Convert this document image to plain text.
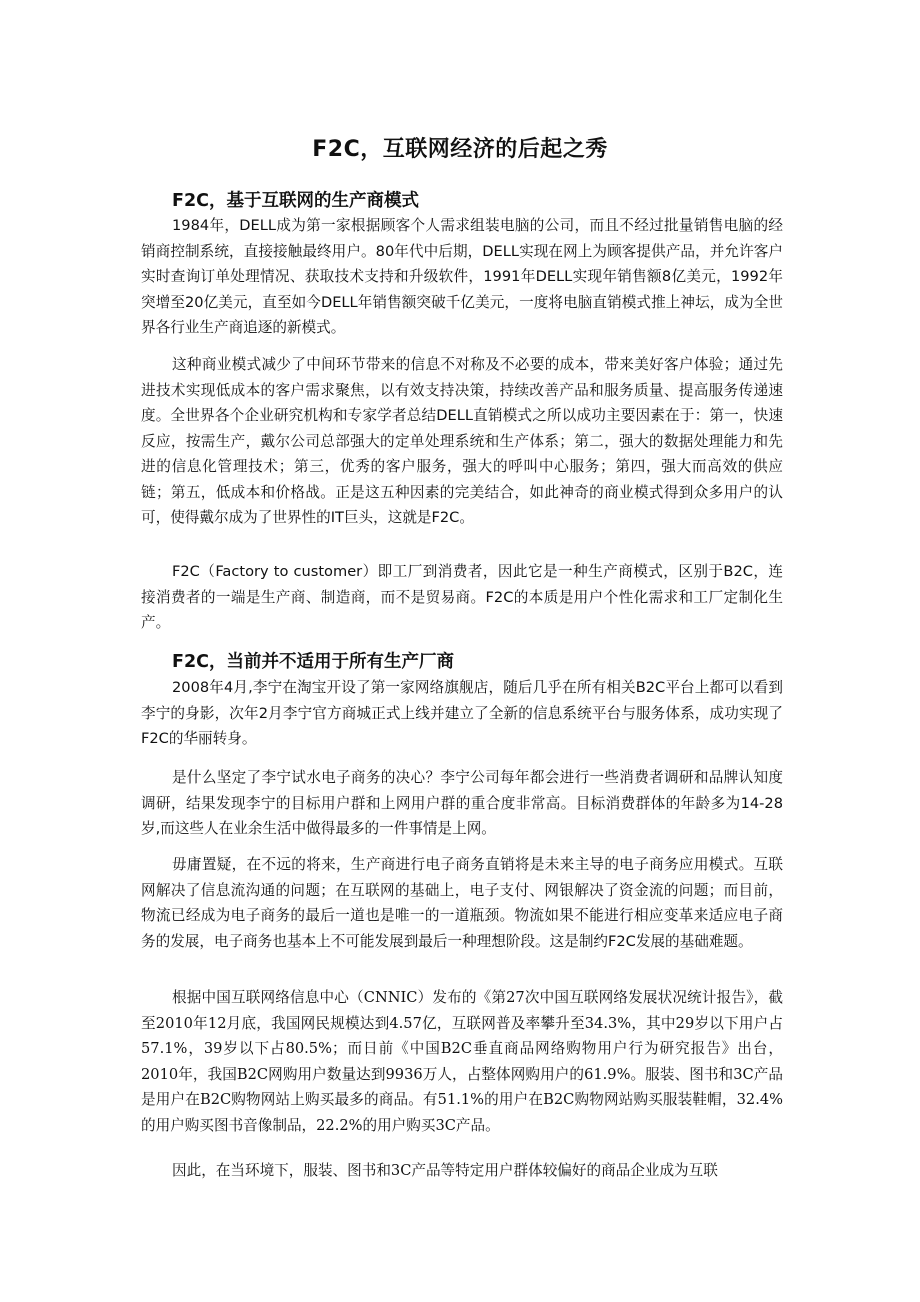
F2C，互联网经济的后起之秀
F2C，基于互联网的生产商模式

1984年，DELL成为第一家根据顾客个人需求组装电脑的公司，而且不经过批量销售电脑的经销商控制系统，直接接触最终用户。80年代中后期，DELL实现在网上为顾客提供产品，并允许客户实时查询订单处理情况、获取技术支持和升级软件，1991年DELL实现年销售额8亿美元，1992年突增至20亿美元，直至如今DELL年销售额突破千亿美元，一度将电脑直销模式推上神坛，成为全世界各行业生产商追逐的新模式。

这种商业模式减少了中间环节带来的信息不对称及不必要的成本，带来美好客户体验；通过先进技术实现低成本的客户需求聚焦，以有效支持决策，持续改善产品和服务质量、提高服务传递速度。全世界各个企业研究机构和专家学者总结DELL直销模式之所以成功主要因素在于：第一，快速反应，按需生产，戴尔公司总部强大的定单处理系统和生产体系；第二，强大的数据处理能力和先进的信息化管理技术；第三，优秀的客户服务，强大的呼叫中心服务；第四，强大而高效的供应链；第五，低成本和价格战。正是这五种因素的完美结合，如此神奇的商业模式得到众多用户的认可，使得戴尔成为了世界性的IT巨头，这就是F2C。

F2C（Factory to customer）即工厂到消费者，因此它是一种生产商模式，区别于B2C，连接消费者的一端是生产商、制造商，而不是贸易商。F2C的本质是用户个性化需求和工厂定制化生产。

F2C，当前并不适用于所有生产厂商

2008年4月,李宁在淘宝开设了第一家网络旗舰店，随后几乎在所有相关B2C平台上都可以看到李宁的身影，次年2月李宁官方商城正式上线并建立了全新的信息系统平台与服务体系，成功实现了F2C的华丽转身。

是什么坚定了李宁试水电子商务的决心？李宁公司每年都会进行一些消费者调研和品牌认知度调研，结果发现李宁的目标用户群和上网用户群的重合度非常高。目标消费群体的年龄多为14-28岁,而这些人在业余生活中做得最多的一件事情是上网。

毋庸置疑，在不远的将来，生产商进行电子商务直销将是未来主导的电子商务应用模式。互联网解决了信息流沟通的问题；在互联网的基础上，电子支付、网银解决了资金流的问题；而目前，物流已经成为电子商务的最后一道也是唯一的一道瓶颈。物流如果不能进行相应变革来适应电子商务的发展，电子商务也基本上不可能发展到最后一种理想阶段。这是制约F2C发展的基础难题。

根据中国互联网络信息中心（CNNIC）发布的《第27次中国互联网络发展状况统计报告》，截至2010年12月底，我国网民规模达到4.57亿，互联网普及率攀升至34.3%，其中29岁以下用户占57.1%，39岁以下占80.5%；而日前《中国B2C垂直商品网络购物用户行为研究报告》出台，2010年，我国B2C网购用户数量达到9936万人，占整体网购用户的61.9%。服装、图书和3C产品是用户在B2C购物网站上购买最多的商品。有51.1%的用户在B2C购物网站购买服装鞋帽，32.4%的用户购买图书音像制品，22.2%的用户购买3C产品。

因此，在当环境下，服装、图书和3C产品等特定用户群体较偏好的商品企业成为互联
